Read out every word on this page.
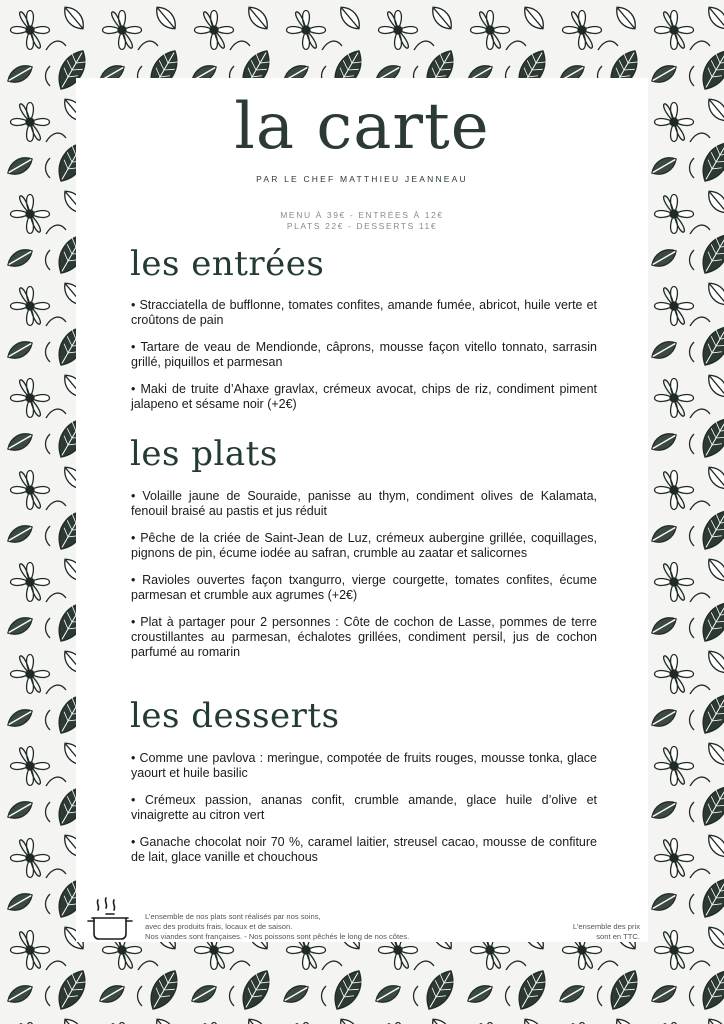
la carte
PAR LE CHEF MATTHIEU JEANNEAU
MENU À 39€ - ENTRÉES À 12€
PLATS 22€ - DESSERTS 11€
les entrées
• Stracciatella de bufflonne, tomates confites, amande fumée, abricot, huile verte et croûtons de pain
• Tartare de veau de Mendionde, câprons, mousse façon vitello tonnato, sarrasin grillé, piquillos et parmesan
• Maki de truite d’Ahaxe gravlax, crémeux avocat, chips de riz, condiment piment jalapeno et sésame noir (+2€)
les plats
• Volaille jaune de Souraide, panisse au thym, condiment olives de Kalamata, fenouil braisé au pastis et jus réduit
• Pêche de la criée de Saint-Jean de Luz, crémeux aubergine grillée, coquillages, pignons de pin, écume iodée au safran, crumble au zaatar et salicornes
• Ravioles ouvertes façon txangurro, vierge courgette, tomates confites, écume parmesan et crumble aux agrumes (+2€)
• Plat à partager pour 2 personnes : Côte de cochon de Lasse, pommes de terre croustillantes au parmesan, échalotes grillées, condiment persil, jus de cochon parfumé au romarin
les desserts
• Comme une pavlova : meringue, compotée de fruits rouges, mousse tonka, glace yaourt et huile basilic
• Crémeux passion, ananas confit, crumble amande, glace huile d’olive et vinaigrette au citron vert
• Ganache chocolat noir 70 %, caramel laitier, streusel cacao, mousse de confiture de lait, glace vanille et chouchous
L’ensemble de nos plats sont réalisés par nos soins,
avec des produits frais, locaux et de saison.
Nos viandes sont françaises. - Nos poissons sont pêchés le long de nos côtes.
L’ensemble des prix
sont en TTC.
